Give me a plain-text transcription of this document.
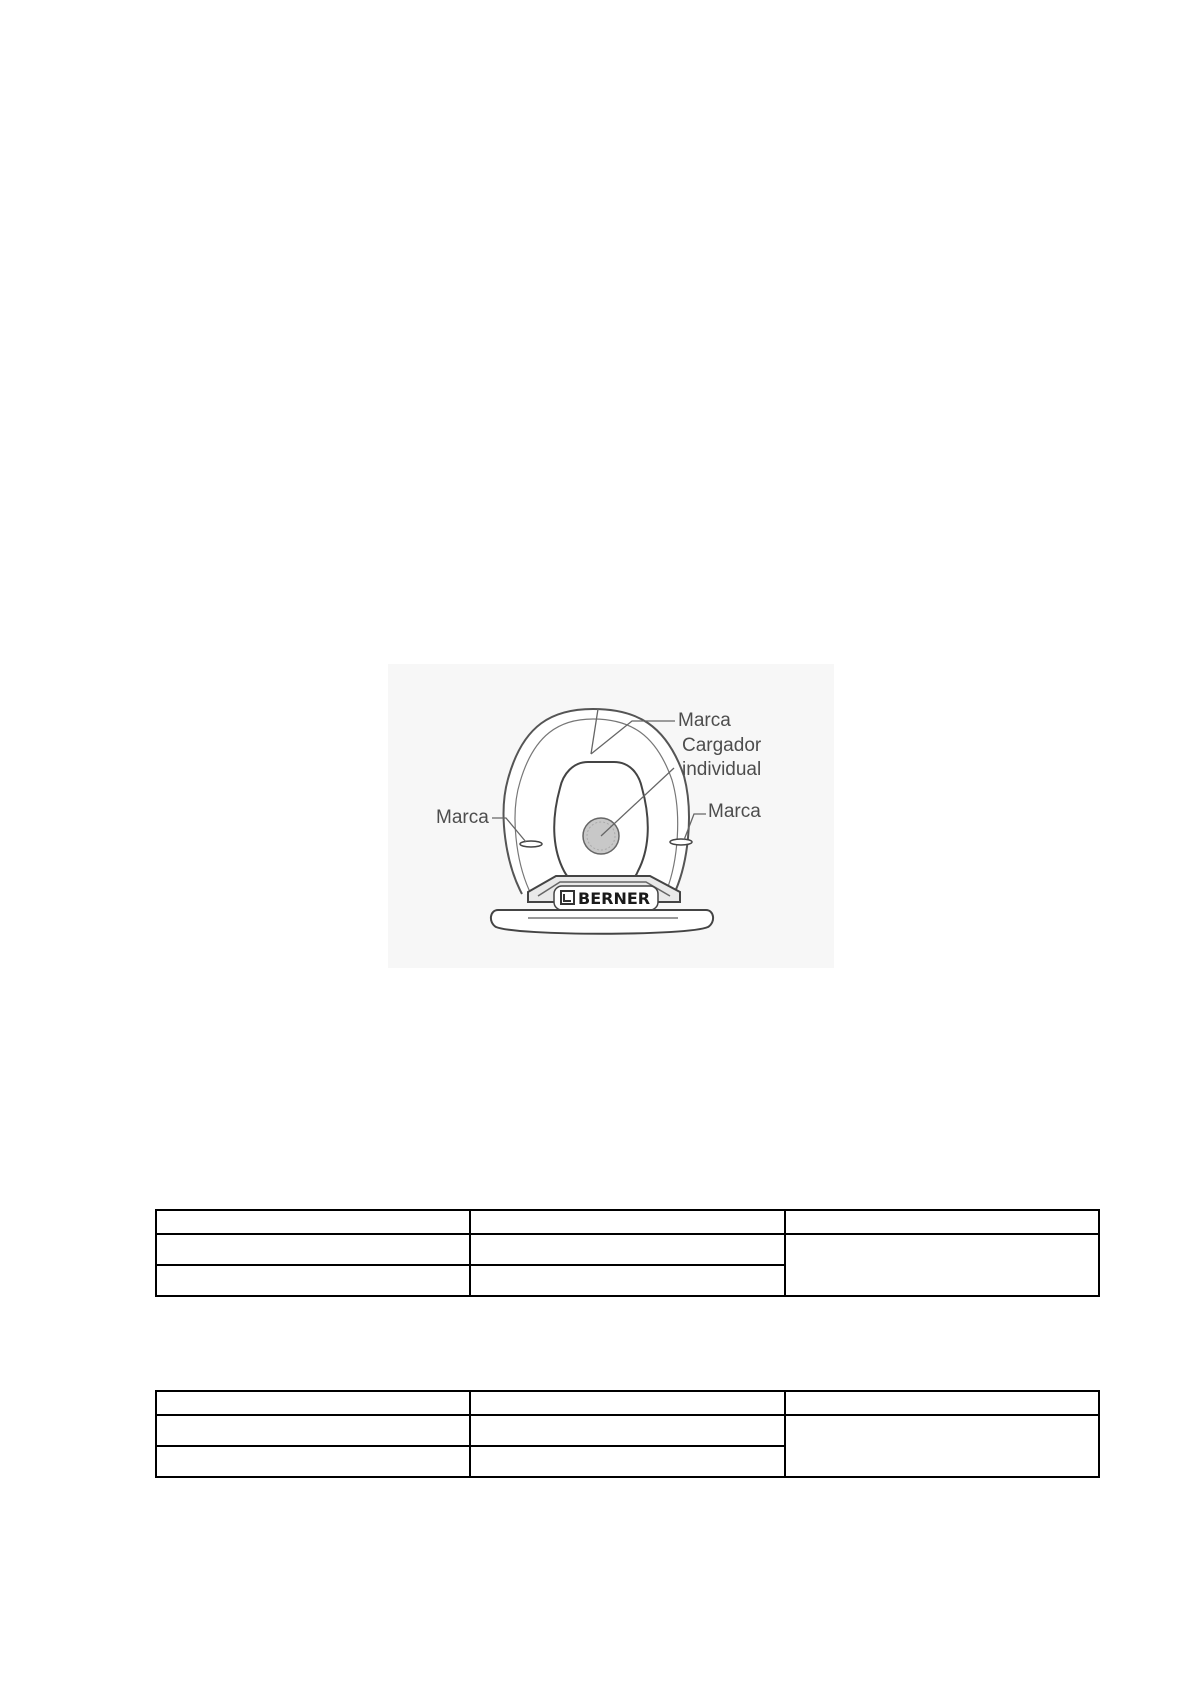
BERNER
Marca
Cargador
individual
Marca	Marca
